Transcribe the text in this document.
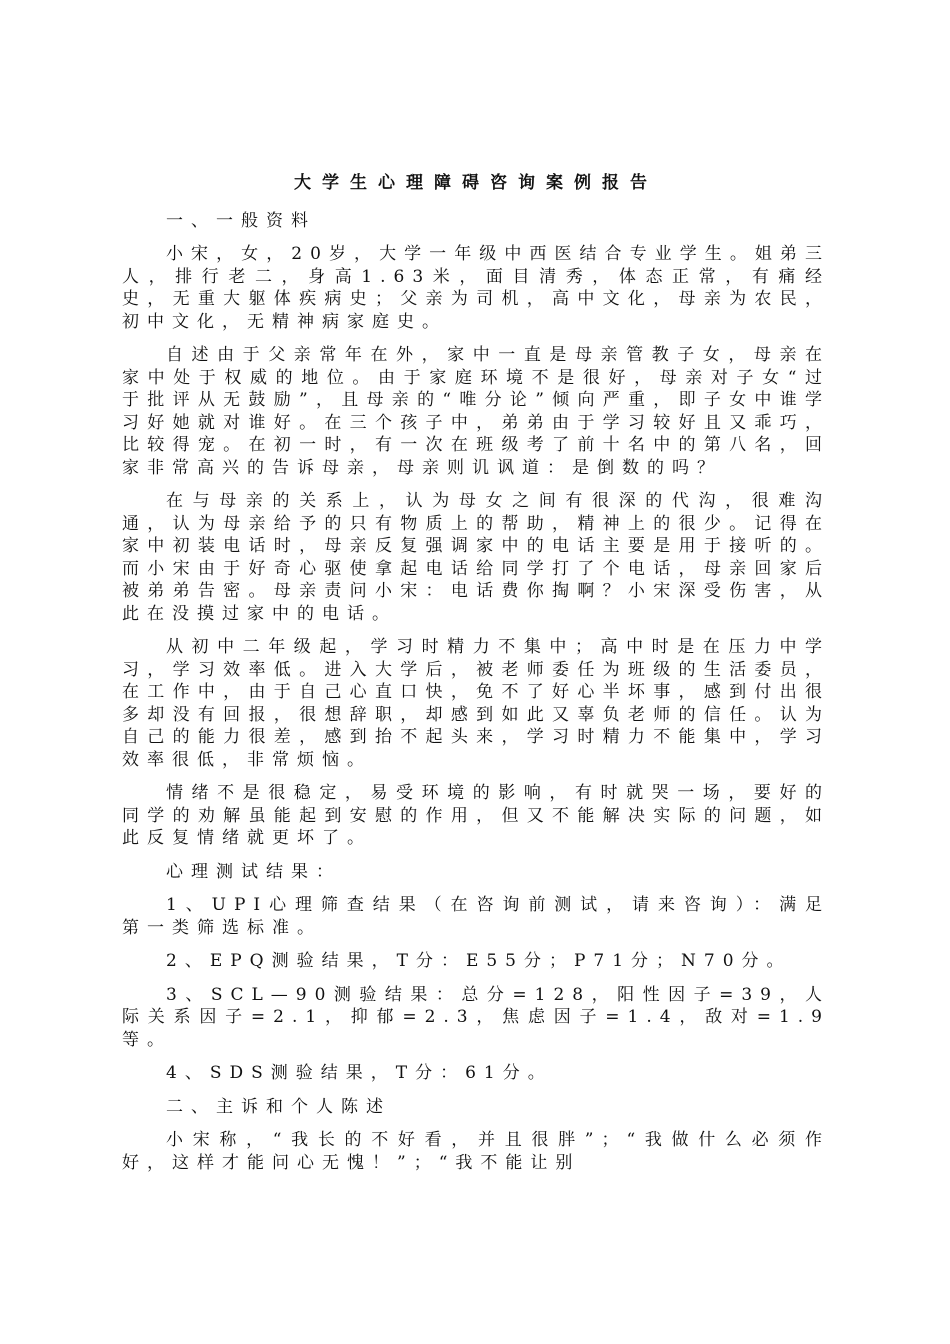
大学生心理障碍咨询案例报告
一、一般资料
小宋，女，20岁，大学一年级中西医结合专业学生。姐弟三人，排行老二，身高1.63米，面目清秀，体态正常，有痛经史，无重大躯体疾病史；父亲为司机，高中文化，母亲为农民，初中文化，无精神病家庭史。
自述由于父亲常年在外，家中一直是母亲管教子女，母亲在家中处于权威的地位。由于家庭环境不是很好，母亲对子女“过于批评从无鼓励”，且母亲的“唯分论”倾向严重，即子女中谁学习好她就对谁好。在三个孩子中，弟弟由于学习较好且又乖巧，比较得宠。在初一时，有一次在班级考了前十名中的第八名，回家非常高兴的告诉母亲，母亲则讥讽道：是倒数的吗？
在与母亲的关系上，认为母女之间有很深的代沟，很难沟通，认为母亲给予的只有物质上的帮助，精神上的很少。记得在家中初装电话时，母亲反复强调家中的电话主要是用于接听的。而小宋由于好奇心驱使拿起电话给同学打了个电话，母亲回家后被弟弟告密。母亲责问小宋：电话费你掏啊？小宋深受伤害，从此在没摸过家中的电话。
从初中二年级起，学习时精力不集中；高中时是在压力中学习，学习效率低。进入大学后，被老师委任为班级的生活委员，在工作中，由于自己心直口快，免不了好心半坏事，感到付出很多却没有回报，很想辞职，却感到如此又辜负老师的信任。认为自己的能力很差，感到抬不起头来，学习时精力不能集中，学习效率很低，非常烦恼。
情绪不是很稳定，易受环境的影响，有时就哭一场，要好的同学的劝解虽能起到安慰的作用，但又不能解决实际的问题，如此反复情绪就更坏了。
心理测试结果：
1、UPI心理筛查结果（在咨询前测试，请来咨询）：满足第一类筛选标准。
2、EPQ测验结果，T分：E55分；P71分；N70分。
3、SCL—90测验结果：总分=128，阳性因子=39，人际关系因子=2.1，抑郁=2.3，焦虑因子=1.4，敌对=1.9等。
4、SDS测验结果，T分：61分。
二、主诉和个人陈述
小宋称，“我长的不好看，并且很胖”；“我做什么必须作好，这样才能问心无愧！”；“我不能让别
